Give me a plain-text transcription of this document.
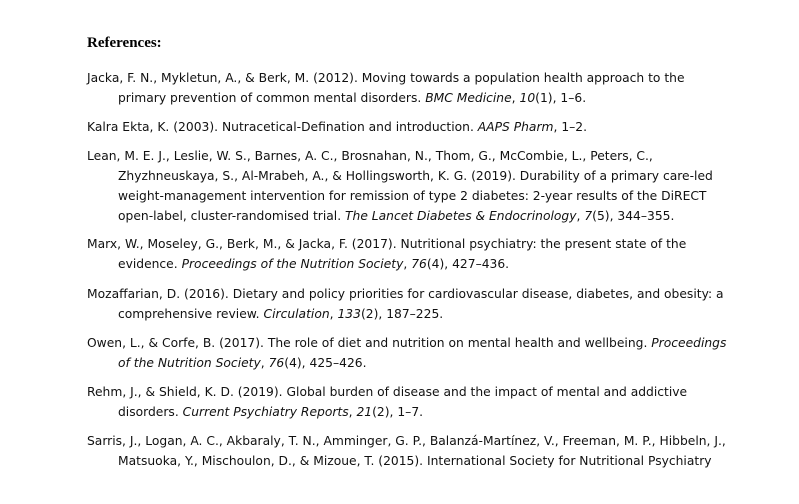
References:
Jacka, F. N., Mykletun, A., & Berk, M. (2012). Moving towards a population health approach to the
primary prevention of common mental disorders. BMC Medicine, 10(1), 1–6.
Kalra Ekta, K. (2003). Nutracetical-Defination and introduction. AAPS Pharm, 1–2.
Lean, M. E. J., Leslie, W. S., Barnes, A. C., Brosnahan, N., Thom, G., McCombie, L., Peters, C.,
Zhyzhneuskaya, S., Al-Mrabeh, A., & Hollingsworth, K. G. (2019). Durability of a primary care-led
weight-management intervention for remission of type 2 diabetes: 2-year results of the DiRECT
open-label, cluster-randomised trial. The Lancet Diabetes & Endocrinology, 7(5), 344–355.
Marx, W., Moseley, G., Berk, M., & Jacka, F. (2017). Nutritional psychiatry: the present state of the
evidence. Proceedings of the Nutrition Society, 76(4), 427–436.
Mozaffarian, D. (2016). Dietary and policy priorities for cardiovascular disease, diabetes, and obesity: a
comprehensive review. Circulation, 133(2), 187–225.
Owen, L., & Corfe, B. (2017). The role of diet and nutrition on mental health and wellbeing. Proceedings
of the Nutrition Society, 76(4), 425–426.
Rehm, J., & Shield, K. D. (2019). Global burden of disease and the impact of mental and addictive
disorders. Current Psychiatry Reports, 21(2), 1–7.
Sarris, J., Logan, A. C., Akbaraly, T. N., Amminger, G. P., Balanzá-Martínez, V., Freeman, M. P., Hibbeln, J.,
Matsuoka, Y., Mischoulon, D., & Mizoue, T. (2015). International Society for Nutritional Psychiatry
